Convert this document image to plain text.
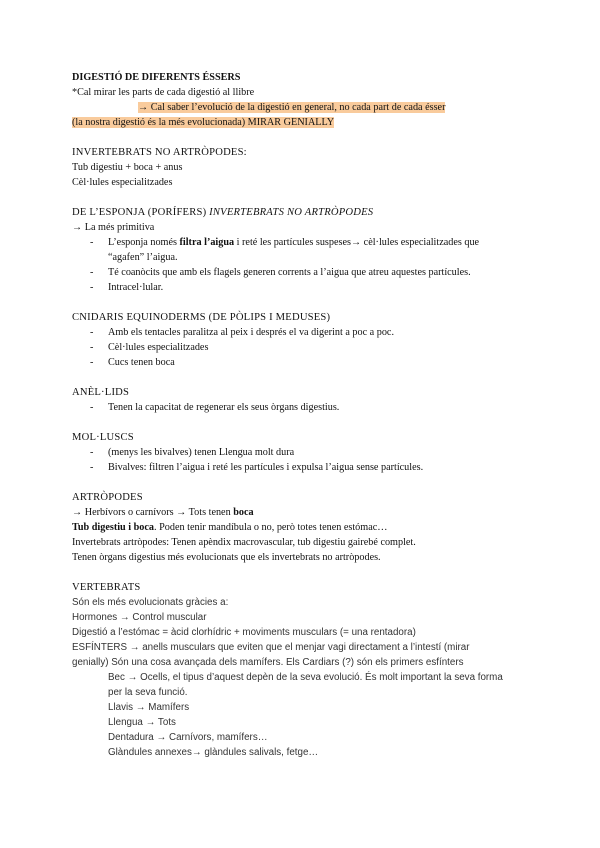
DIGESTIÓ DE DIFERENTS ÉSSERS
*Cal mirar les parts de cada digestió al llibre
→ Cal saber l’evolució de la digestió en general, no cada part de cada ésser
(la nostra digestió és la més evolucionada) MIRAR GENIALLY
INVERTEBRATS NO ARTRÒPODES:
Tub digestiu + boca + anus
Cèl·lules especialitzades
DE L’ESPONJA (PORÍFERS) INVERTEBRATS NO ARTRÒPODES
→ La més primitiva
- L’esponja només filtra l’aigua i reté les partícules suspeses→ cèl·lules especialitzades que
“agafen” l’aigua.
- Té coanòcits que amb els flagels generen corrents a l’aigua que atreu aquestes partícules.
- Intracel·lular.
CNIDARIS EQUINODERMS (DE PÒLIPS I MEDUSES)
- Amb els tentacles paralitza al peix i després el va digerint a poc a poc.
- Cèl·lules especialitzades
- Cucs tenen boca
ANÈL·LIDS
- Tenen la capacitat de regenerar els seus òrgans digestius.
MOL·LUSCS
- (menys les bivalves) tenen Llengua molt dura
- Bivalves: filtren l’aigua i reté les partícules i expulsa l’aigua sense partícules.
ARTRÒPODES
→ Herbívors o carnívors → Tots tenen boca
Tub digestiu i boca. Poden tenir mandíbula o no, però totes tenen estómac…
Invertebrats artròpodes: Tenen apèndix macrovascular, tub digestiu gairebé complet.
Tenen òrgans digestius més evolucionats que els invertebrats no artròpodes.
VERTEBRATS
Són els més evolucionats gràcies a:
Hormones → Control muscular
Digestió a l’estómac = àcid clorhídric + moviments musculars (= una rentadora)
ESFÍNTERS → anells musculars que eviten que el menjar vagi directament a l’intestí (mirar
genially) Són una cosa avançada dels mamífers. Els Cardiars (?) són els primers esfínters
Bec → Ocells, el tipus d’aquest depèn de la seva evolució. És molt important la seva forma
per la seva funció.
Llavis → Mamífers
Llengua → Tots
Dentadura → Carnívors, mamífers…
Glàndules annexes→ glàndules salivals, fetge…
